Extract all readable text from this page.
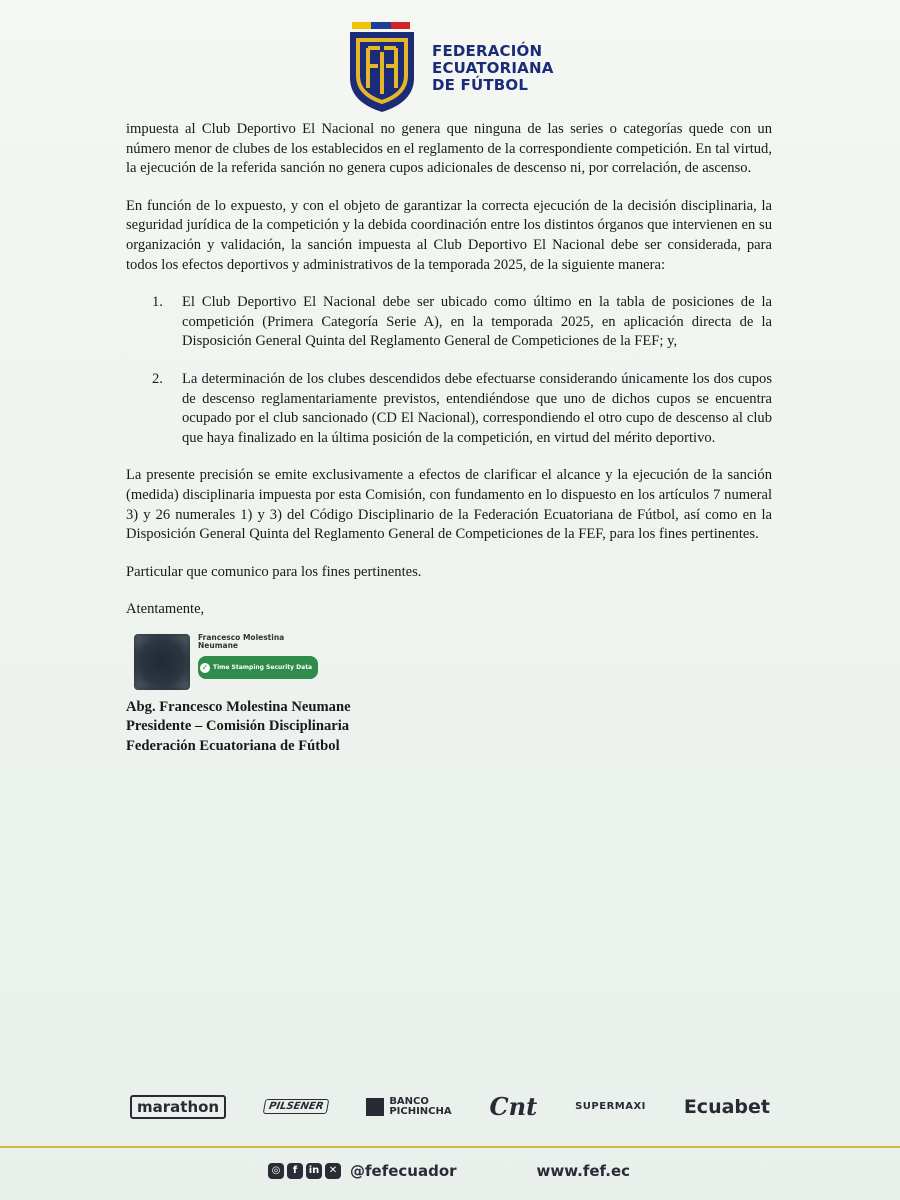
FEDERACIÓN
ECUATORIANA
DE FÚTBOL

impuesta al Club Deportivo El Nacional no genera que ninguna de las series o categorías quede con un número menor de clubes de los establecidos en el reglamento de la correspondiente competición. En tal virtud, la ejecución de la referida sanción no genera cupos adicionales de descenso ni, por correlación, de ascenso.

En función de lo expuesto, y con el objeto de garantizar la correcta ejecución de la decisión disciplinaria, la seguridad jurídica de la competición y la debida coordinación entre los distintos órganos que intervienen en su organización y validación, la sanción impuesta al Club Deportivo El Nacional debe ser considerada, para todos los efectos deportivos y administrativos de la temporada 2025, de la siguiente manera:

1. El Club Deportivo El Nacional debe ser ubicado como último en la tabla de posiciones de la competición (Primera Categoría Serie A), en la temporada 2025, en aplicación directa de la Disposición General Quinta del Reglamento General de Competiciones de la FEF; y,
2. La determinación de los clubes descendidos debe efectuarse considerando únicamente los dos cupos de descenso reglamentariamente previstos, entendiéndose que uno de dichos cupos se encuentra ocupado por el club sancionado (CD El Nacional), correspondiendo el otro cupo de descenso al club que haya finalizado en la última posición de la competición, en virtud del mérito deportivo.

La presente precisión se emite exclusivamente a efectos de clarificar el alcance y la ejecución de la sanción (medida) disciplinaria impuesta por esta Comisión, con fundamento en lo dispuesto en los artículos 7 numeral 3) y 26 numerales 1) y 3) del Código Disciplinario de la Federación Ecuatoriana de Fútbol, así como en la Disposición General Quinta del Reglamento General de Competiciones de la FEF, para los fines pertinentes.

Particular que comunico para los fines pertinentes.

Atentamente,
Francesco Molestina Neumane
✓ Time Stamping Security Data
Abg. Francesco Molestina Neumane
Presidente – Comisión Disciplinaria
Federación Ecuatoriana de Fútbol
marathon	PILSENER	BANCO
PICHINCHA Cnt	SUPERMAXI Ecuabet
◎	f	in ✕ @fefecuador	www.fef.ec
